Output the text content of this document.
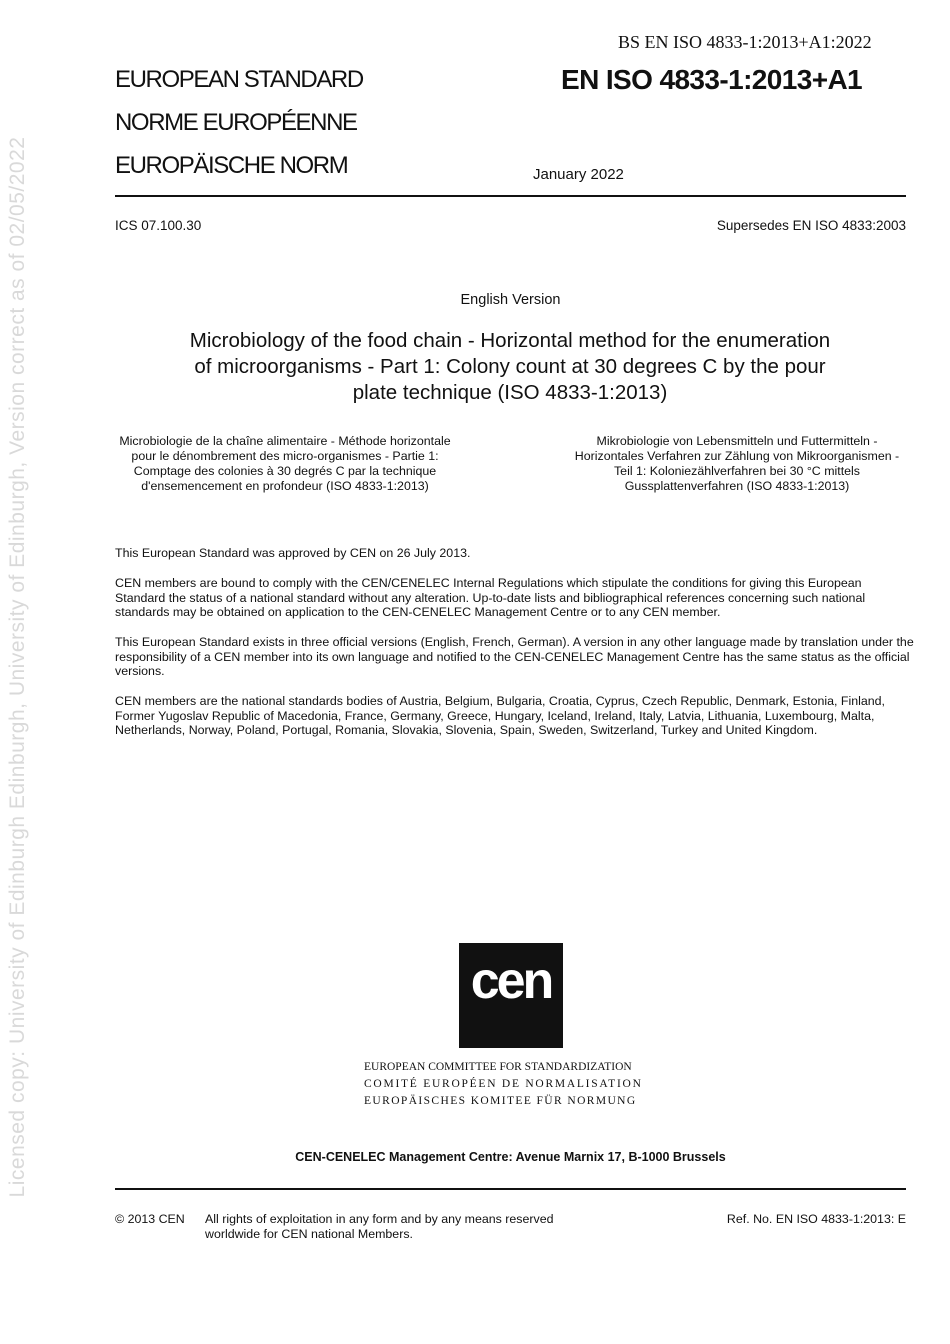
Licensed copy: University of Edinburgh Edinburgh, University of Edinburgh, Version correct as of 02/05/2022
BS EN ISO 4833-1:2013+A1:2022
EUROPEAN STANDARD
NORME EUROPÉENNE
EUROPÄISCHE NORM
EN ISO 4833-1:2013+A1
January 2022
ICS 07.100.30	Supersedes EN ISO 4833:2003
English Version
Microbiology of the food chain - Horizontal method for the enumeration of microorganisms - Part 1: Colony count at 30 degrees C by the pour plate technique (ISO 4833-1:2013)
Microbiologie de la chaîne alimentaire - Méthode horizontale pour le dénombrement des micro-organismes - Partie 1: Comptage des colonies à 30 degrés C par la technique d'ensemencement en profondeur (ISO 4833-1:2013)
Mikrobiologie von Lebensmitteln und Futtermitteln - Horizontales Verfahren zur Zählung von Mikroorganismen - Teil 1: Koloniezählverfahren bei 30 °C mittels Gussplattenverfahren (ISO 4833-1:2013)
This European Standard was approved by CEN on 26 July 2013.
CEN members are bound to comply with the CEN/CENELEC Internal Regulations which stipulate the conditions for giving this European Standard the status of a national standard without any alteration. Up-to-date lists and bibliographical references concerning such national standards may be obtained on application to the CEN-CENELEC Management Centre or to any CEN member.
This European Standard exists in three official versions (English, French, German). A version in any other language made by translation under the responsibility of a CEN member into its own language and notified to the CEN-CENELEC Management Centre has the same status as the official versions.
CEN members are the national standards bodies of Austria, Belgium, Bulgaria, Croatia, Cyprus, Czech Republic, Denmark, Estonia, Finland, Former Yugoslav Republic of Macedonia, France, Germany, Greece, Hungary, Iceland, Ireland, Italy, Latvia, Lithuania, Luxembourg, Malta, Netherlands, Norway, Poland, Portugal, Romania, Slovakia, Slovenia, Spain, Sweden, Switzerland, Turkey and United Kingdom.
cen
EUROPEAN COMMITTEE FOR STANDARDIZATION
COMITÉ EUROPÉEN DE NORMALISATION
EUROPÄISCHES KOMITEE FÜR NORMUNG
CEN-CENELEC Management Centre: Avenue Marnix 17, B-1000 Brussels
© 2013 CEN All rights of exploitation in any form and by any means reserved
worldwide for CEN national Members.
Ref. No. EN ISO 4833-1:2013: E
